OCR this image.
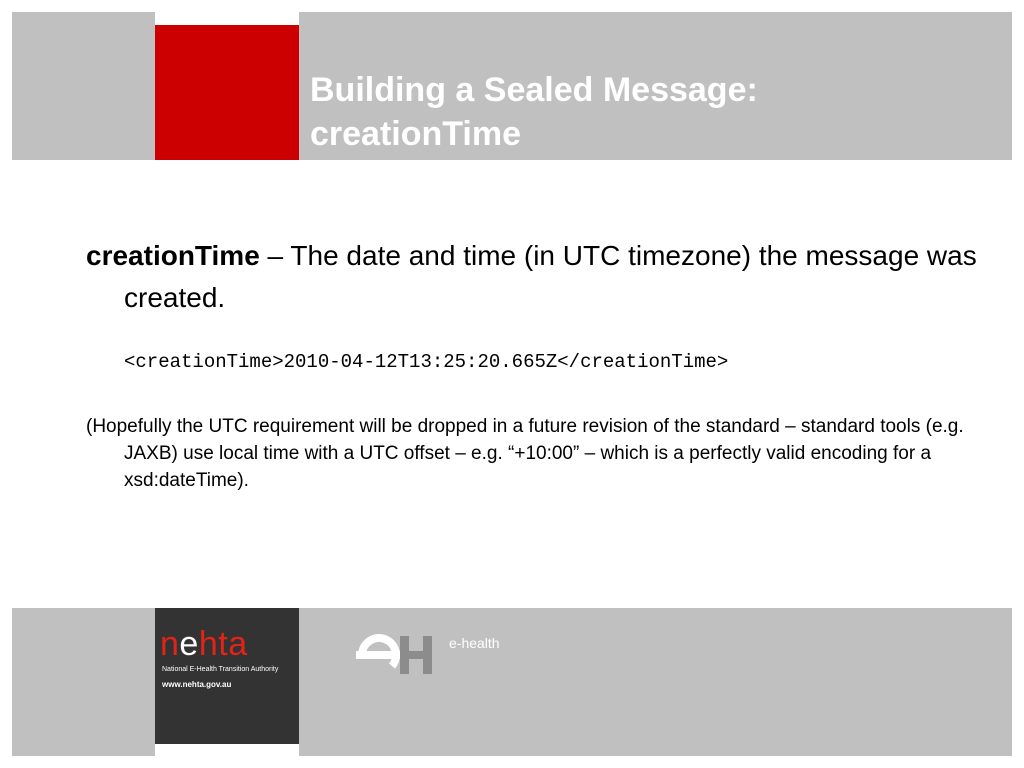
Building a Sealed Message:
creationTime

creationTime – The date and time (in UTC timezone) the message was created.

<creationTime>2010-04-12T13:25:20.665Z</creationTime>

(Hopefully the UTC requirement will be dropped in a future revision of the standard – standard tools (e.g. JAXB) use local time with a UTC offset – e.g. “+10:00” – which is a perfectly valid encoding for a xsd:dateTime).

nehta
National E-Health Transition Authority
www.nehta.gov.au
e-health
